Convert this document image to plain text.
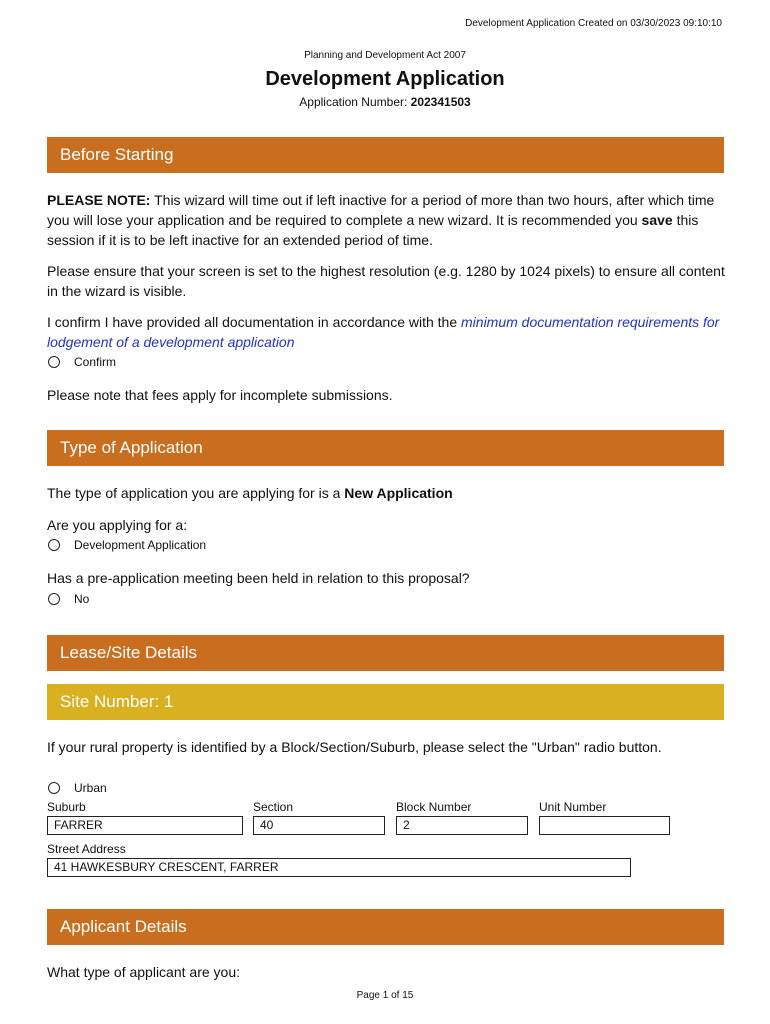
Development Application Created on 03/30/2023 09:10:10
Planning and Development Act 2007
Development Application
Application Number: 202341503
Before Starting
PLEASE NOTE: This wizard will time out if left inactive for a period of more than two hours, after which time you will lose your application and be required to complete a new wizard. It is recommended you save this session if it is to be left inactive for an extended period of time.
Please ensure that your screen is set to the highest resolution (e.g. 1280 by 1024 pixels) to ensure all content in the wizard is visible.
I confirm I have provided all documentation in accordance with the minimum documentation requirements for lodgement of a development application
Confirm
Please note that fees apply for incomplete submissions.
Type of Application
The type of application you are applying for is a New Application
Are you applying for a:
Development Application
Has a pre-application meeting been held in relation to this proposal?
No
Lease/Site Details
Site Number: 1
If your rural property is identified by a Block/Section/Suburb, please select the "Urban" radio button.
Urban
Suburb	Section	Block Number	Unit Number
FARRER	40	2
Street Address
41 HAWKESBURY CRESCENT, FARRER
Applicant Details
What type of applicant are you:
Page 1 of 15
